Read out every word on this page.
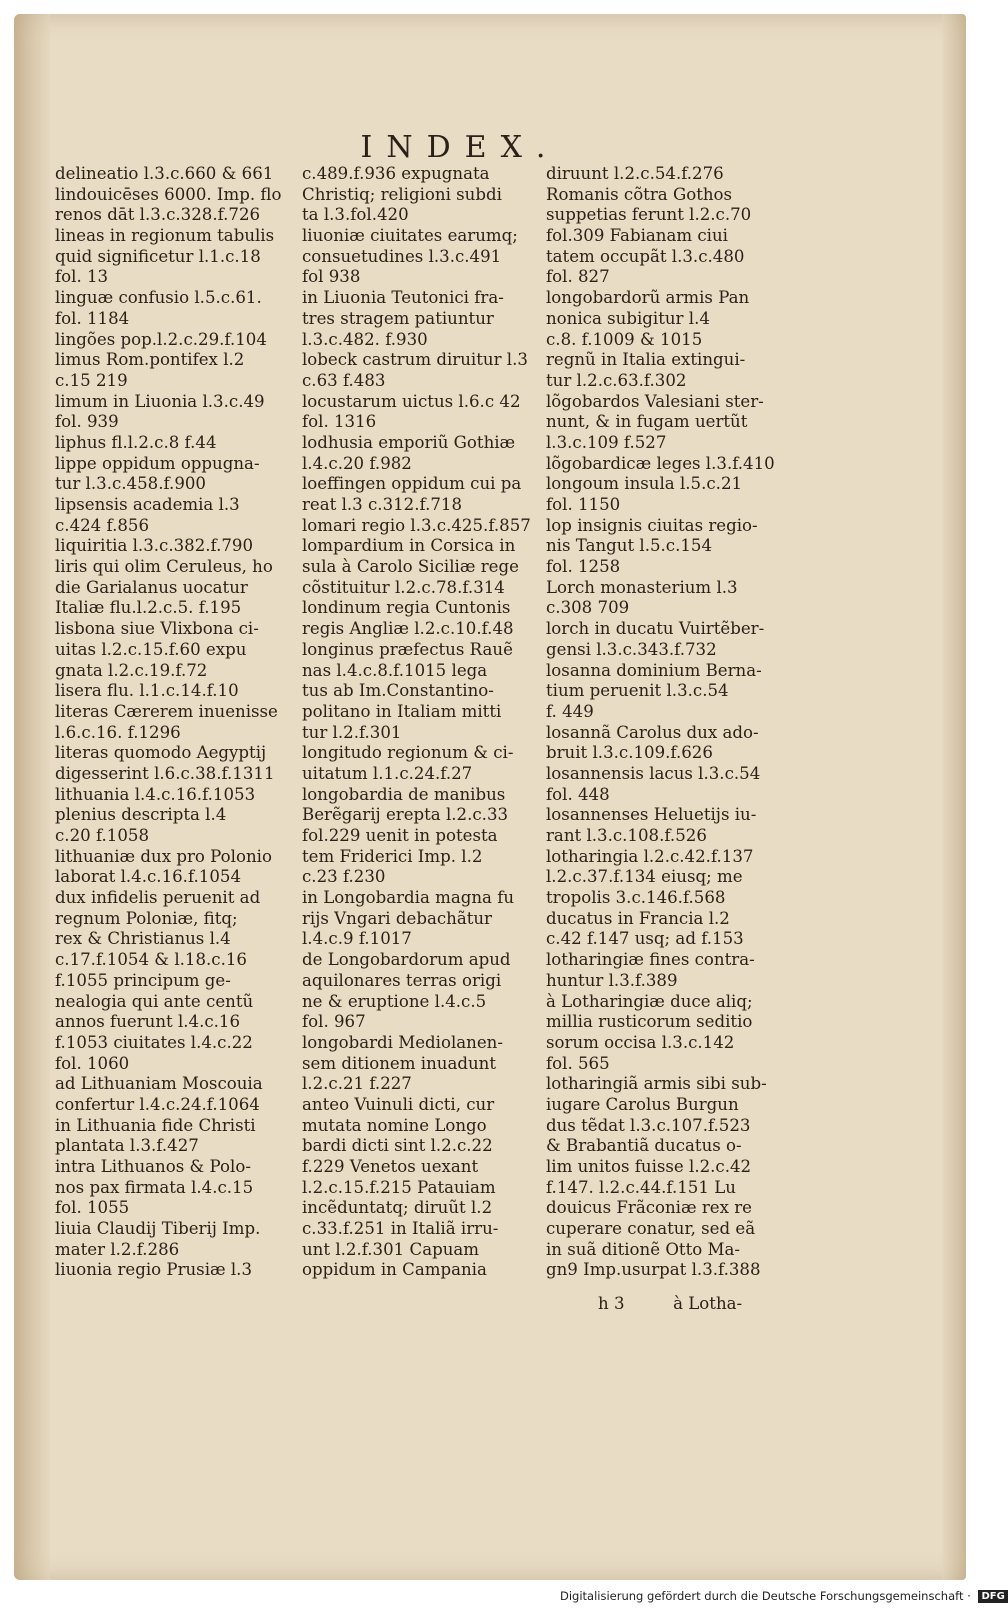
INDEX.
delineatio l.3.c.660 & 661
lindouicēses 6000. Imp. flo
renos dāt l.3.c.328.f.726
lineas in regionum tabulis
quid significetur l.1.c.18
fol. 13
linguæ confusio l.5.c.61.
fol. 1184
lingões pop.l.2.c.29.f.104
limus Rom.pontifex l.2
c.15 219
limum in Liuonia l.3.c.49
fol. 939
liphus fl.l.2.c.8 f.44
lippe oppidum oppugna-
tur l.3.c.458.f.900
lipsensis academia l.3
c.424 f.856
liquiritia l.3.c.382.f.790
liris qui olim Ceruleus, ho
die Garialanus uocatur
Italiæ flu.l.2.c.5. f.195
lisbona siue Vlixbona ci-
uitas l.2.c.15.f.60 expu
gnata l.2.c.19.f.72
lisera flu. l.1.c.14.f.10
literas Cærerem inuenisse
l.6.c.16. f.1296
literas quomodo Aegyptij
digesserint l.6.c.38.f.1311
lithuania l.4.c.16.f.1053
plenius descripta l.4
c.20 f.1058
lithuaniæ dux pro Polonio
laborat l.4.c.16.f.1054
dux infidelis peruenit ad
regnum Poloniæ, fitq;
rex & Christianus l.4
c.17.f.1054 & l.18.c.16
f.1055 principum ge-
nealogia qui ante centũ
annos fuerunt l.4.c.16
f.1053 ciuitates l.4.c.22
fol. 1060
ad Lithuaniam Moscouia
confertur l.4.c.24.f.1064
in Lithuania fide Christi
plantata l.3.f.427
intra Lithuanos & Polo-
nos pax firmata l.4.c.15
fol. 1055
liuia Claudij Tiberij Imp.
mater l.2.f.286
liuonia regio Prusiæ l.3
c.489.f.936 expugnata
Christiq; religioni subdi
ta l.3.fol.420
liuoniæ ciuitates earumq;
consuetudines l.3.c.491
fol 938
in Liuonia Teutonici fra-
tres stragem patiuntur
l.3.c.482. f.930
lobeck castrum diruitur l.3
c.63 f.483
locustarum uictus l.6.c 42
fol. 1316
lodhusia emporiũ Gothiæ
l.4.c.20 f.982
loeffingen oppidum cui pa
reat l.3 c.312.f.718
lomari regio l.3.c.425.f.857
lompardium in Corsica in
sula à Carolo Siciliæ rege
cõstituitur l.2.c.78.f.314
londinum regia Cuntonis
regis Angliæ l.2.c.10.f.48
longinus præfectus Rauẽ
nas l.4.c.8.f.1015 lega
tus ab Im.Constantino-
politano in Italiam mitti
tur l.2.f.301
longitudo regionum & ci-
uitatum l.1.c.24.f.27
longobardia de manibus
Berẽgarij erepta l.2.c.33
fol.229 uenit in potesta
tem Friderici Imp. l.2
c.23 f.230
in Longobardia magna fu
rijs Vngari debachãtur
l.4.c.9 f.1017
de Longobardorum apud
aquilonares terras origi
ne & eruptione l.4.c.5
fol. 967
longobardi Mediolanen-
sem ditionem inuadunt
l.2.c.21 f.227
anteo Vuinuli dicti, cur
mutata nomine Longo
bardi dicti sint l.2.c.22
f.229 Venetos uexant
l.2.c.15.f.215 Patauiam
incẽduntatq; diruũt l.2
c.33.f.251 in Italiã irru-
unt l.2.f.301 Capuam
oppidum in Campania
diruunt l.2.c.54.f.276
Romanis cõtra Gothos
suppetias ferunt l.2.c.70
fol.309 Fabianam ciui
tatem occupãt l.3.c.480
fol. 827
longobardorũ armis Pan
nonica subigitur l.4
c.8. f.1009 & 1015
regnũ in Italia extingui-
tur l.2.c.63.f.302
lõgobardos Valesiani ster-
nunt, & in fugam uertũt
l.3.c.109 f.527
lõgobardicæ leges l.3.f.410
longoum insula l.5.c.21
fol. 1150
lop insignis ciuitas regio-
nis Tangut l.5.c.154
fol. 1258
Lorch monasterium l.3
c.308 709
lorch in ducatu Vuirtẽber-
gensi l.3.c.343.f.732
losanna dominium Berna-
tium peruenit l.3.c.54
f. 449
losannã Carolus dux ado-
bruit l.3.c.109.f.626
losannensis lacus l.3.c.54
fol. 448
losannenses Heluetijs iu-
rant l.3.c.108.f.526
lotharingia l.2.c.42.f.137
l.2.c.37.f.134 eiusq; me
tropolis 3.c.146.f.568
ducatus in Francia l.2
c.42 f.147 usq; ad f.153
lotharingiæ fines contra-
huntur l.3.f.389
à Lotharingiæ duce aliq;
millia rusticorum seditio
sorum occisa l.3.c.142
fol. 565
lotharingiã armis sibi sub-
iugare Carolus Burgun
dus tẽdat l.3.c.107.f.523
& Brabantiã ducatus o-
lim unitos fuisse l.2.c.42
f.147. l.2.c.44.f.151 Lu
douicus Frãconiæ rex re
cuperare conatur, sed eã
in suã ditionẽ Otto Ma-
gn9 Imp.usurpat l.3.f.388
h 3	à Lotha-
Digitalisierung gefördert durch die Deutsche Forschungsgemeinschaft · DFG
